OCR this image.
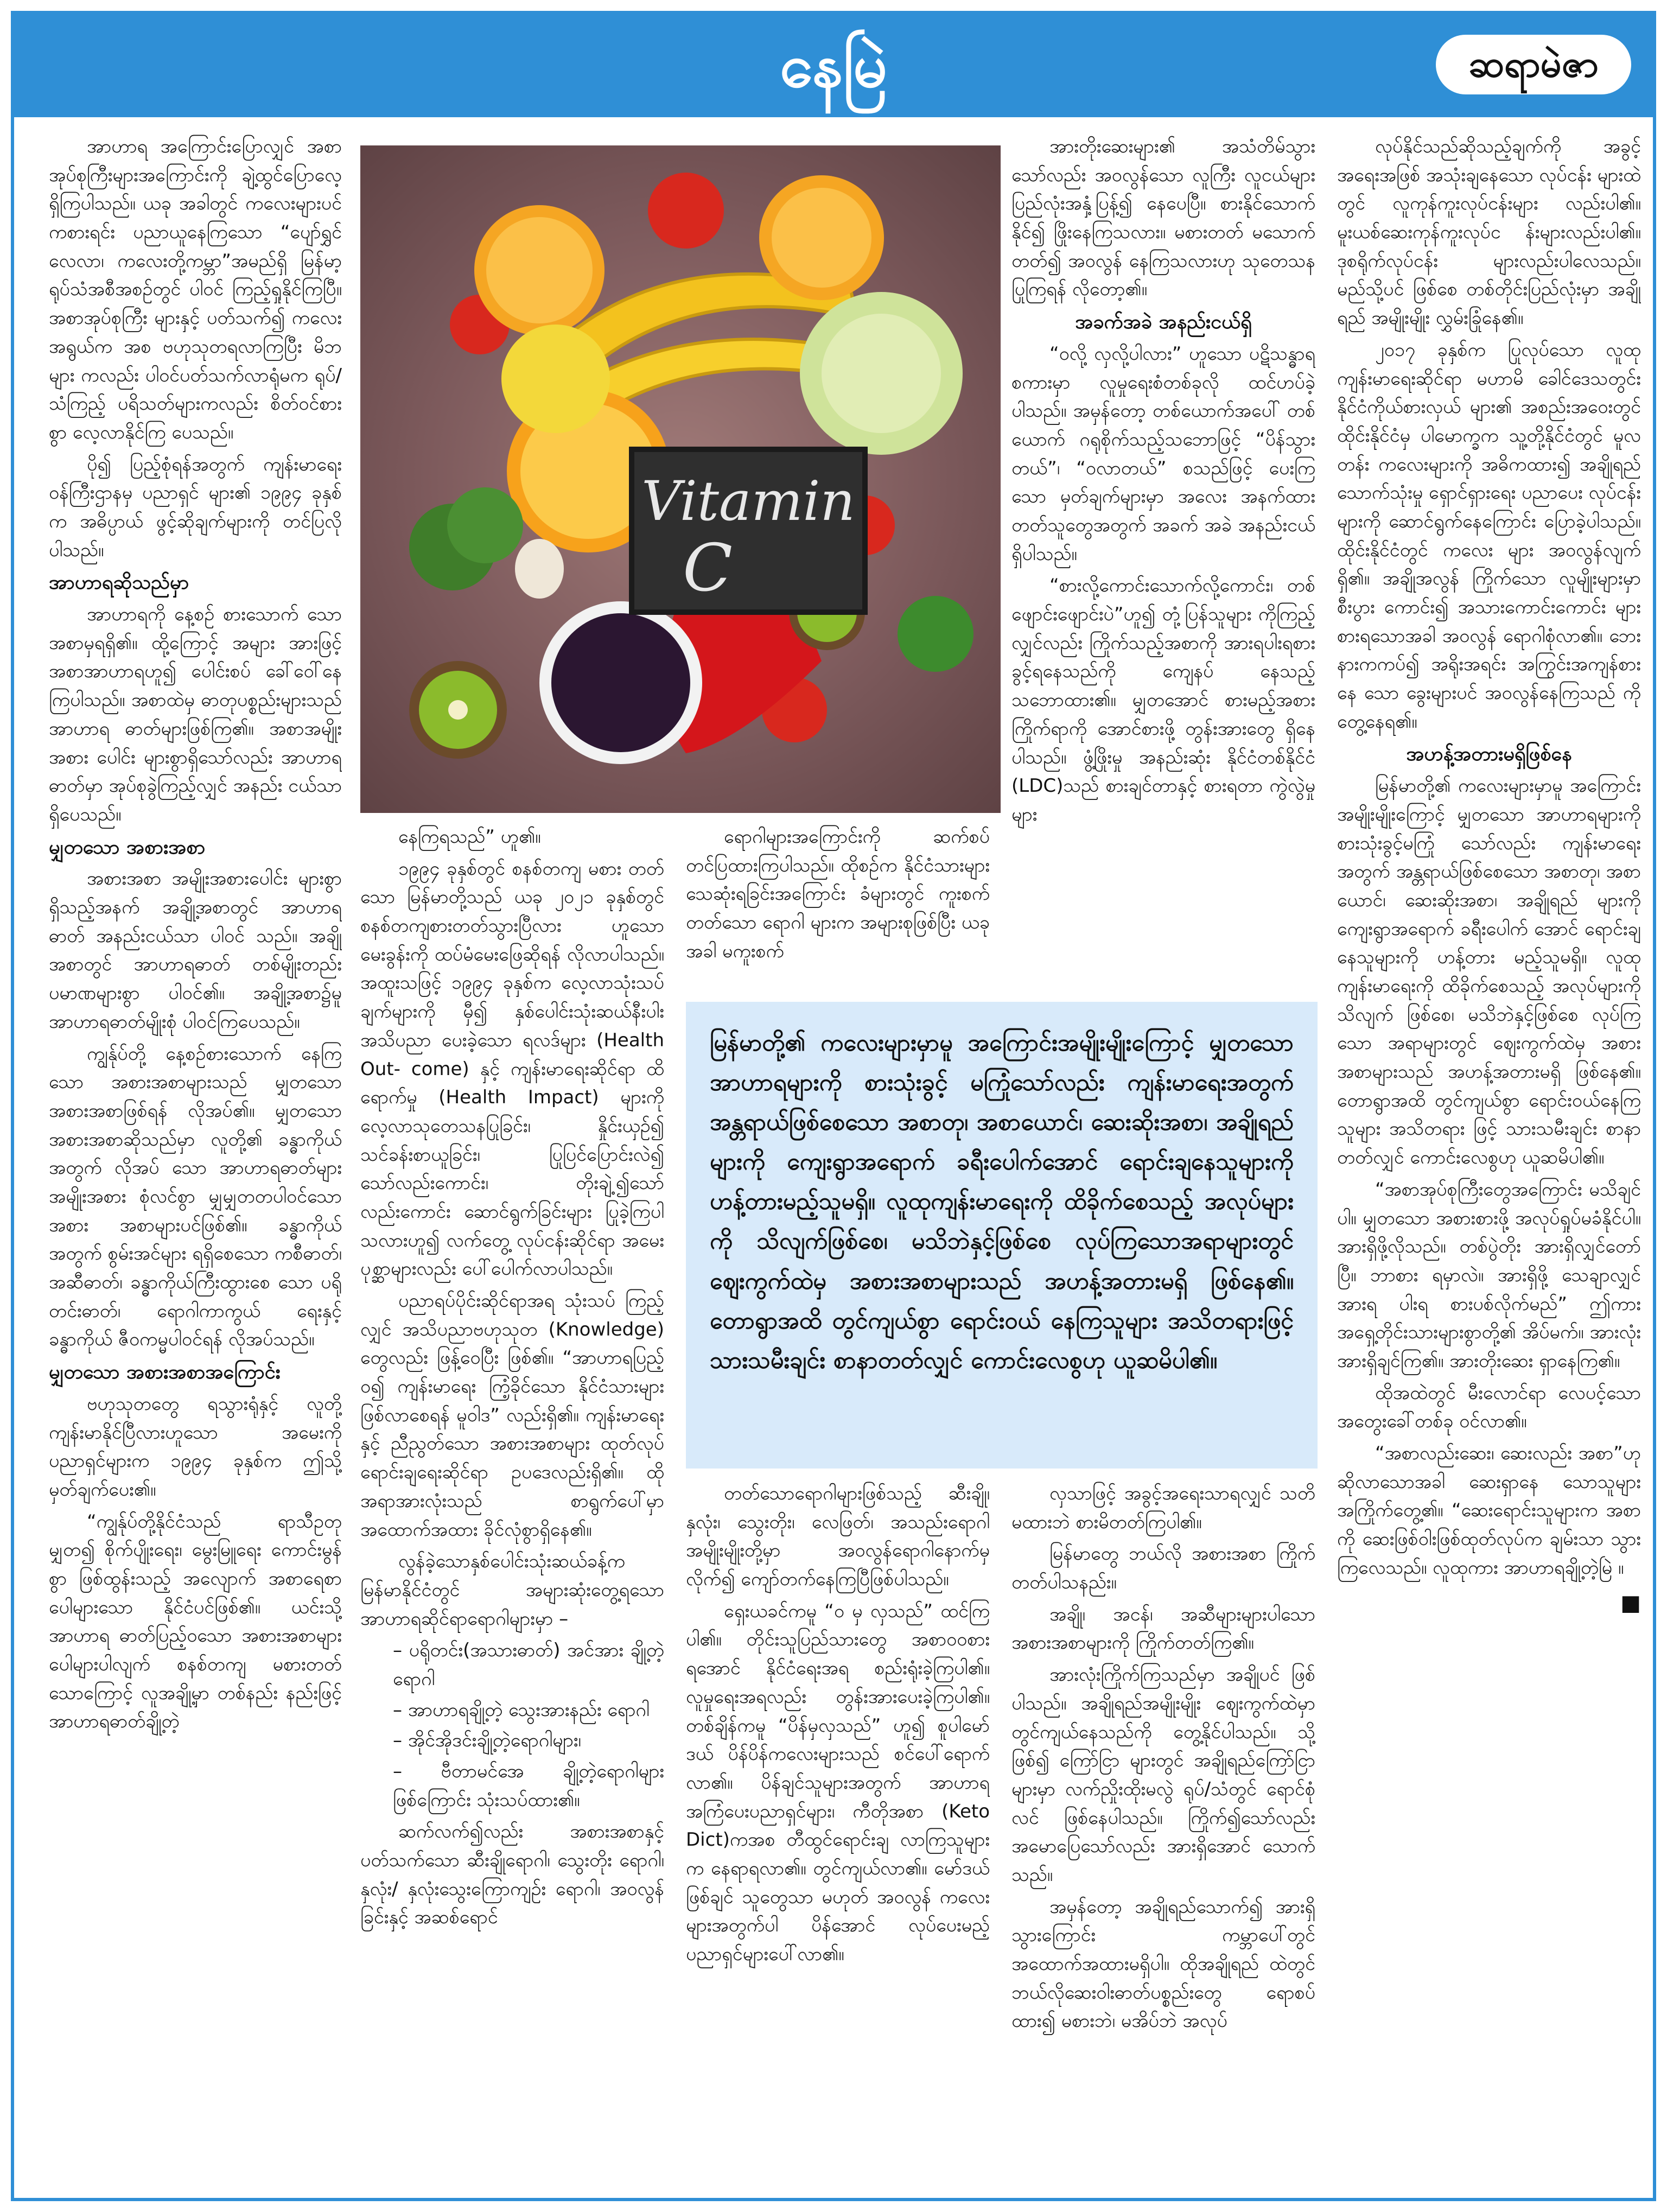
နေမြဲ	ဆရာမဲဇာ

အာဟာရ အကြောင်းပြောလျှင် အစာ အုပ်စုကြီးများအကြောင်းကို ချဲ့ထွင်ပြောလေ့ရှိကြပါသည်။ ယခု အခါတွင် ကလေးများပင် ကစားရင်း ပညာယူနေကြသော “ပျော်ရွှင် လေလာ၊ ကလေးတို့ကမ္ဘာ”အမည်ရှိ မြန်မာ့ရုပ်သံအစီအစဉ်တွင် ပါဝင် ကြည့်ရှုနိုင်ကြပြီ။ အစာအုပ်စုကြီး များနှင့် ပတ်သက်၍ ကလေးအရွယ်က အစ ဗဟုသုတရလာကြပြီး မိဘများ ကလည်း ပါဝင်ပတ်သက်လာရုံမက ရုပ်/သံကြည့် ပရိသတ်များကလည်း စိတ်ဝင်စားစွာ လေ့လာနိုင်ကြ ပေသည်။

ပို၍ ပြည့်စုံရန်အတွက် ကျန်းမာရေးဝန်ကြီးဌာနမှ ပညာရှင် များ၏ ၁၉၉၄ ခုနှစ်က အဓိပ္ပာယ် ဖွင့်ဆိုချက်များကို တင်ပြလိုပါသည်။

အာဟာရဆိုသည်မှာ

အာဟာရကို နေ့စဉ် စားသောက် သော အစာမှရရှိ၏။ ထို့ကြောင့် အများ အားဖြင့် အစာအာဟာရဟူ၍ ပေါင်းစပ် ခေါ်ဝေါ်နေကြပါသည်။ အစာထဲမှ ဓာတုပစ္စည်းများသည် အာဟာရ ဓာတ်များဖြစ်ကြ၏။ အစာအမျိုးအစား ပေါင်း များစွာရှိသော်လည်း အာဟာရ ဓာတ်မှာ အုပ်စုခွဲကြည့်လျှင် အနည်း ငယ်သာရှိပေသည်။

မျှတသော အစားအစာ

အစားအစာ အမျိုးအစားပေါင်း များစွာရှိသည့်အနက် အချို့အစာတွင် အာဟာရဓာတ် အနည်းငယ်သာ ပါဝင် သည်။ အချို့အစာတွင် အာဟာရဓာတ် တစ်မျိုးတည်း ပမာဏများစွာ ပါဝင်၏။ အချို့အစာ၌မူ အာဟာရဓာတ်မျိုးစုံ ပါဝင်ကြပေသည်။

ကျွန်ုပ်တို့ နေ့စဉ်စားသောက် နေကြသော အစားအစာများသည် မျှတသော အစားအစာဖြစ်ရန် လိုအပ်၏။ မျှတသော အစားအစာဆိုသည်မှာ လူတို့၏ ခန္ဓာကိုယ်အတွက် လိုအပ် သော အာဟာရဓာတ်များ အမျိုးအစား စုံလင်စွာ မျှမျှတတပါဝင်သော အစား အစာများပင်ဖြစ်၏။ ခန္ဓာကိုယ်အတွက် စွမ်းအင်များ ရရှိစေသော ကစီဓာတ်၊ အဆီဓာတ်၊ ခန္ဓာကိုယ်ကြီးထွားစေ သော ပရိုတင်းဓာတ်၊ ရောဂါကာကွယ် ရေးနှင့် ခန္ဓာကိုယ် ဇီဝကမ္မပါဝင်ရန် လိုအပ်သည်။

မျှတသော အစားအစာအကြောင်း

ဗဟုသုတတွေ ရသွားရုံနှင့် လူတို့ ကျန်းမာနိုင်ပြီလားဟူသော အမေးကို ပညာရှင်များက ၁၉၉၄ ခုနှစ်က ဤသို့မှတ်ချက်ပေး၏။

“ကျွန်ုပ်တို့နိုင်ငံသည် ရာသီဥတု မျှတ၍ စိုက်ပျိုးရေး၊ မွေးမြူရေး ကောင်းမွန်စွာ ဖြစ်ထွန်းသည့် အလျောက် အစာရေစာ ပေါများသော နိုင်ငံပင်ဖြစ်၏။ ယင်းသို့ အာဟာရ ဓာတ်ပြည့်ဝသော အစားအစာများ ပေါများပါလျက် စနစ်တကျ မစားတတ် သောကြောင့် လူအချို့မှာ တစ်နည်း နည်းဖြင့် အာဟာရဓာတ်ချို့တဲ့

Vitamin
C

နေကြရသည်” ဟူ၏။

၁၉၉၄ ခုနှစ်တွင် စနစ်တကျ မစား တတ်သော မြန်မာတို့သည် ယခု ၂၀၂၁ ခုနှစ်တွင် စနစ်တကျစားတတ်သွားပြီလား ဟူသော မေးခွန်းကို ထပ်မံမေးဖြေဆိုရန် လိုလာပါသည်။ အထူးသဖြင့် ၁၉၉၄ ခုနှစ်က လေ့လာသုံးသပ်ချက်များကို မှီ၍ နှစ်ပေါင်းသုံးဆယ်နီးပါး အသိပညာ ပေးခဲ့သော ရလဒ်များ (Health Out- come) နှင့် ကျန်းမာရေးဆိုင်ရာ ထိရောက်မှု (Health Impact) များကို လေ့လာသုတေသနပြုခြင်း၊ နှိုင်းယှဉ်၍ သင်ခန်းစာယူခြင်း၊ ပြုပြင်ပြောင်းလဲ၍ သော်လည်းကောင်း၊ တိုးချဲ့၍သော် လည်းကောင်း ဆောင်ရွက်ခြင်းများ ပြုခဲ့ကြပါသလားဟူ၍ လက်တွေ့ လုပ်ငန်းဆိုင်ရာ အမေးပုစ္ဆာများလည်း ပေါ်ပေါက်လာပါသည်။

ပညာရပ်ပိုင်းဆိုင်ရာအရ သုံးသပ် ကြည့်လျှင် အသိပညာဗဟုသုတ (Knowledge) တွေလည်း ဖြန့်ဝေပြီး ဖြစ်၏။ “အာဟာရပြည့်ဝ၍ ကျန်းမာရေး ကြံ့ခိုင်သော နိုင်ငံသားများ ဖြစ်လာစေရန် မူဝါဒ” လည်းရှိ၏။ ကျန်းမာရေးနှင့် ညီညွတ်သော အစားအစာများ ထုတ်လုပ် ရောင်းချရေးဆိုင်ရာ ဥပဒေလည်းရှိ၏။ ထိုအရာအားလုံးသည် စာရွက်ပေါ်မှာ အထောက်အထား ခိုင်လုံစွာရှိနေ၏။

လွန်ခဲ့သောနှစ်ပေါင်းသုံးဆယ်ခန့်က မြန်မာနိုင်ငံတွင် အများဆုံးတွေ့ရသော အာဟာရဆိုင်ရာရောဂါများမှာ –

– ပရိုတင်း(အသားဓာတ်) အင်အား ချို့တဲ့ရောဂါ
– အာဟာရချို့တဲ့ သွေးအားနည်း ရောဂါ
– အိုင်အိုဒင်းချို့တဲ့ရောဂါများ၊
– ဗီတာမင်အေ ချို့တဲ့ရောဂါများ ဖြစ်ကြောင်း သုံးသပ်ထား၏။

ဆက်လက်၍လည်း အစားအစာနှင့် ပတ်သက်သော ဆီးချိုရောဂါ၊ သွေးတိုး ရောဂါ၊ နှလုံး/ နှလုံးသွေးကြောကျဉ်း ရောဂါ၊ အဝလွန်ခြင်းနှင့် အဆစ်ရောင်

ရောဂါများအကြောင်းကို ဆက်စပ် တင်ပြထားကြပါသည်။ ထိုစဉ်က နိုင်ငံသားများ သေဆုံးရခြင်းအကြောင်း ခံများတွင် ကူးစက်တတ်သော ရောဂါ များက အများစုဖြစ်ပြီး ယခုအခါ မကူးစက်

တတ်သောရောဂါများဖြစ်သည့် ဆီးချို၊ နှလုံး၊ သွေးတိုး၊ လေဖြတ်၊ အသည်းရောဂါ အမျိုးမျိုးတို့မှာ အဝလွန်ရောဂါနောက်မှ လိုက်၍ ကျော်တက်နေကြပြီဖြစ်ပါသည်။

ရှေးယခင်ကမူ “ဝ မှ လှသည်” ထင်ကြပါ၏။ တိုင်းသူပြည်သားတွေ အစာဝဝစားရအောင် နိုင်ငံရေးအရ စည်းရုံးခဲ့ကြပါ၏။ လူမှုရေးအရလည်း တွန်းအားပေးခဲ့ကြပါ၏။ တစ်ချိန်ကမူ “ပိန်မှလှသည်” ဟူ၍ စူပါမော်ဒယ် ပိန်ပိန်ကလေးများသည် စင်ပေါ်ရောက် လာ၏။ ပိန်ချင်သူများအတွက် အာဟာရ အကြံပေးပညာရှင်များ၊ ကီတိုအစာ (Keto Dict)ကအစ တီထွင်ရောင်းချ လာကြသူများက နေရာရလာ၏။ တွင်ကျယ်လာ၏။ မော်ဒယ်ဖြစ်ချင် သူတွေသာ မဟုတ် အဝလွန် ကလေးများအတွက်ပါ ပိန်အောင် လုပ်ပေးမည့် ပညာရှင်များပေါ်လာ၏။

အားတိုးဆေးများ၏ အသံတိမ်သွား သော်လည်း အဝလွန်သော လူကြီး လူငယ်များ ပြည်လုံးအနှံ့ပြန့်၍ နေပေပြီ။ စားနိုင်သောက်နိုင်၍ ဖြိုးနေကြသလား။ မစားတတ် မသောက်တတ်၍ အဝလွန် နေကြသလားဟု သုတေသနပြုကြရန် လိုတော့၏။

အခက်အခဲ အနည်းငယ်ရှိ

“ဝလို့ လှလို့ပါလား” ဟူသော ပဋိသန္ဓာရ စကားမှာ လူမှုရေးစံတစ်ခုလို ထင်ဟပ်ခဲ့ပါသည်။ အမှန်တော့ တစ်ယောက်အပေါ် တစ်ယောက် ဂရုစိုက်သည့်သဘောဖြင့် “ပိန်သွား တယ်”၊ “ဝလာတယ်” စသည်ဖြင့် ပေးကြသော မှတ်ချက်များမှာ အလေး အနက်ထားတတ်သူတွေအတွက် အခက် အခဲ အနည်းငယ်ရှိပါသည်။

“စားလို့ကောင်းသောက်လို့ကောင်း၊ တစ်ဖျောင်းဖျောင်းပဲ”ဟူ၍ တုံ့ပြန်သူများ ကိုကြည့်လျှင်လည်း ကြိုက်သည့်အစာကို အားရပါးရစားခွင့်ရနေသည်ကို ကျေနပ် နေသည့် သဘောထား၏။ မျှတအောင် စားမည့်အစား ကြိုက်ရာကို အောင်စားဖို့ တွန်းအားတွေ ရှိနေပါသည်။ ဖွံ့ဖြိုးမှု အနည်းဆုံး နိုင်ငံတစ်နိုင်ငံ (LDC)သည် စားချင်တာနှင့် စားရတာ ကွဲလွဲမှုများ

လှသာဖြင့် အခွင့်အရေးသာရလျှင် သတိ မထားဘဲ စားမိတတ်ကြပါ၏။

မြန်မာတွေ ဘယ်လို အစားအစာ ကြိုက်တတ်ပါသနည်း။

အချို၊ အငန်၊ အဆီများများပါသော အစားအစာများကို ကြိုက်တတ်ကြ၏။

အားလုံးကြိုက်ကြသည်မှာ အချိုပင် ဖြစ်ပါသည်။ အချိုရည်အမျိုးမျိုး ဈေးကွက်ထဲမှာ တွင်ကျယ်နေသည်ကို တွေ့နိုင်ပါသည်။ သို့ဖြစ်၍ ကြော်ငြာ များတွင် အချိုရည်ကြော်ငြာများမှာ လက်ညှိုးထိုးမလွဲ ရုပ်/သံတွင် ရောင်စုံလင် ဖြစ်နေပါသည်။ ကြိုက်၍သော်လည်း အမောပြေသော်လည်း အားရှိအောင် သောက်သည်။

အမှန်တော့ အချိုရည်သောက်၍ အားရှိသွားကြောင်း ကမ္ဘာပေါ်တွင် အထောက်အထားမရှိပါ။ ထိုအချိုရည် ထဲတွင် ဘယ်လိုဆေးဝါးဓာတ်ပစ္စည်းတွေ ရောစပ်ထား၍ မစားဘဲ၊ မအိပ်ဘဲ အလုပ်

မြန်မာတို့၏ ကလေးများမှာမူ အကြောင်းအမျိုးမျိုးကြောင့် မျှတသော အာဟာရများကို စားသုံးခွင့် မကြုံသော်လည်း ကျန်းမာရေးအတွက် အန္တရာယ်ဖြစ်စေသော အစာတု၊ အစာယောင်၊ ဆေးဆိုးအစာ၊ အချိုရည်များကို ကျေးရွာအရောက် ခရီးပေါက်အောင် ရောင်းချနေသူများကို ဟန့်တားမည့်သူမရှိ။ လူထုကျန်းမာရေးကို ထိခိုက်စေသည့် အလုပ်များကို သိလျက်ဖြစ်စေ၊ မသိဘဲနှင့်ဖြစ်စေ လုပ်ကြသောအရာများတွင် ဈေးကွက်ထဲမှ အစားအစာများသည် အဟန့်အတားမရှိ ဖြစ်နေ၏။ တောရွာအထိ တွင်ကျယ်စွာ ရောင်းဝယ် နေကြသူများ အသိတရားဖြင့် သားသမီးချင်း စာနာတတ်လျှင် ကောင်းလေစွဟု ယူဆမိပါ၏။

လုပ်နိုင်သည်ဆိုသည့်ချက်ကို အခွင့် အရေးအဖြစ် အသုံးချနေသော လုပ်ငန်း များထဲတွင် လူကုန်ကူးလုပ်ငန်းများ လည်းပါ၏။ မူးယစ်ဆေးကုန်ကူးလုပ်င န်းများလည်းပါ၏။ ဒုစရိုက်လုပ်ငန်း များလည်းပါလေသည်။ မည်သို့ပင် ဖြစ်စေ တစ်တိုင်းပြည်လုံးမှာ အချိုရည် အမျိုးမျိုး လွှမ်းခြုံနေ၏။

၂၀၁၇ ခုနှစ်က ပြုလုပ်သော လူထုကျန်းမာရေးဆိုင်ရာ မဟာမိ ခေါင်ဒေသတွင်း နိုင်ငံကိုယ်စားလှယ် များ၏ အစည်းအဝေးတွင် ထိုင်းနိုင်ငံမှ ပါမောက္ခက သူ့တို့နိုင်ငံတွင် မူလတန်း ကလေးများကို အဓိကထား၍ အချိုရည် သောက်သုံးမှု ရှောင်ရှားရေး ပညာပေး လုပ်ငန်းများကို ဆောင်ရွက်နေကြောင်း ပြောခဲ့ပါသည်။ ထိုင်းနိုင်ငံတွင် ကလေး များ အဝလွန်လျက်ရှိ၏။ အချိုအလွန် ကြိုက်သော လူမျိုးများမှာ စီးပွား ကောင်း၍ အသားကောင်းကောင်း များစားရသောအခါ အဝလွန် ရောဂါစုံလာ၏။ ဘေးနားကကပ်၍ အရိုးအရင်း အကြွင်းအကျန်စားနေ သော ခွေးများပင် အဝလွန်နေကြသည် ကို တွေ့နေရ၏။

အဟန့်အတားမရှိဖြစ်နေ

မြန်မာတို့၏ ကလေးများမှာမူ အကြောင်းအမျိုးမျိုးကြောင့် မျှတသော အာဟာရများကို စားသုံးခွင့်မကြုံ သော်လည်း ကျန်းမာရေးအတွက် အန္တရာယ်ဖြစ်စေသော အစာတု၊ အစာယောင်၊ ဆေးဆိုးအစာ၊ အချိုရည် များကို ကျေးရွာအရောက် ခရီးပေါက် အောင် ရောင်းချနေသူများကို ဟန့်တား မည့်သူမရှိ။ လူထုကျန်းမာရေးကို ထိခိုက်စေသည့် အလုပ်များကိုသိလျက် ဖြစ်စေ၊ မသိဘဲနှင့်ဖြစ်စေ လုပ်ကြသော အရာများတွင် ဈေးကွက်ထဲမှ အစား အစာများသည် အဟန့်အတားမရှိ ဖြစ်နေ၏။ တောရွာအထိ တွင်ကျယ်စွာ ရောင်းဝယ်နေကြသူများ အသိတရား ဖြင့် သားသမီးချင်း စာနာတတ်လျှင် ကောင်းလေစွဟု ယူဆမိပါ၏။

“အစာအုပ်စုကြီးတွေအကြောင်း မသိချင်ပါ။ မျှတသော အစားစားဖို့ အလုပ်ရှုပ်မခံနိုင်ပါ။ အားရှိဖို့လိုသည်။ တစ်ပွဲတိုး အားရှိလျှင်တော်ပြီ။ ဘာစား ရမှာလဲ။ အားရှိဖို့ သေချာလျှင် အားရ ပါးရ စားပစ်လိုက်မည်” ဤကား အရှေ့တိုင်းသားများစွာတို့၏ အိပ်မက်။ အားလုံး အားရှိချင်ကြ၏။ အားတိုးဆေး ရှာနေကြ၏။

ထိုအထဲတွင် မီးလောင်ရာ လေပင့်သော အတွေးခေါ်တစ်ခု ဝင်လာ၏။

“အစာလည်းဆေး၊ ဆေးလည်း အစာ”ဟု ဆိုလာသောအခါ ဆေးရှာနေ သောသူများ အကြိုက်တွေ့၏။ “ဆေးရောင်းသူများက အစာကို ဆေးဖြစ်ဝါးဖြစ်ထုတ်လုပ်က ချမ်းသာ သွားကြလေသည်။ လူထုကား အာဟာရချို့တဲ့မြဲ ။

■
